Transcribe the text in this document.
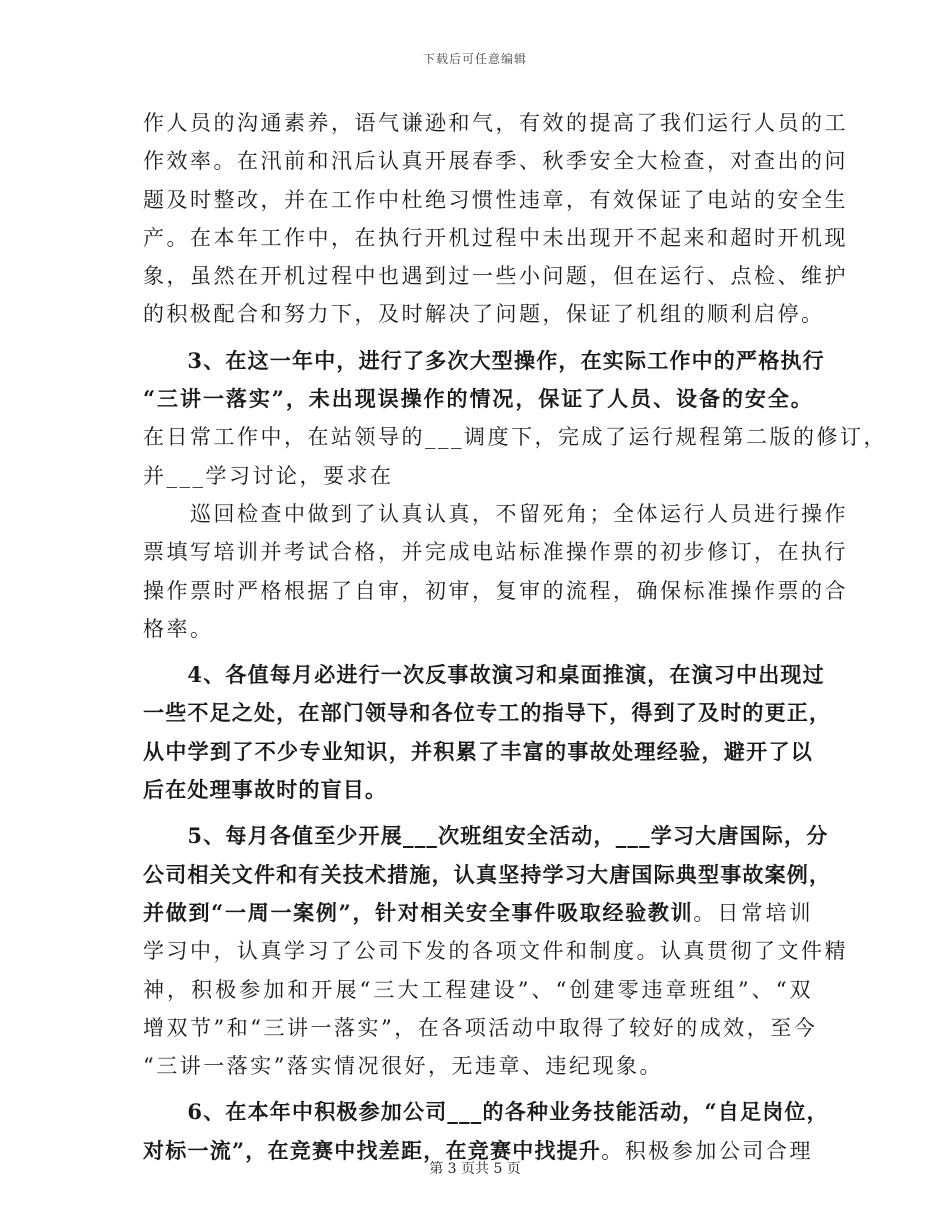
下载后可任意编辑
作人员的沟通素养，语气谦逊和气，有效的提高了我们运行人员的工
作效率。在汛前和汛后认真开展春季、秋季安全大检查，对查出的问
题及时整改，并在工作中杜绝习惯性违章，有效保证了电站的安全生
产。在本年工作中，在执行开机过程中未出现开不起来和超时开机现
象，虽然在开机过程中也遇到过一些小问题，但在运行、点检、维护
的积极配合和努力下，及时解决了问题，保证了机组的顺利启停。
　　3、在这一年中，进行了多次大型操作，在实际工作中的严格执行
“三讲一落实”，未出现误操作的情况，保证了人员、设备的安全。
在日常工作中，在站领导的___调度下，完成了运行规程第二版的修订，
并___学习讨论，要求在
　　巡回检查中做到了认真认真，不留死角；全体运行人员进行操作
票填写培训并考试合格，并完成电站标准操作票的初步修订，在执行
操作票时严格根据了自审，初审，复审的流程，确保标准操作票的合
格率。
　　4、各值每月必进行一次反事故演习和桌面推演，在演习中出现过
一些不足之处，在部门领导和各位专工的指导下，得到了及时的更正，
从中学到了不少专业知识，并积累了丰富的事故处理经验，避开了以
后在处理事故时的盲目。
　　5、每月各值至少开展___次班组安全活动，___学习大唐国际，分
公司相关文件和有关技术措施，认真坚持学习大唐国际典型事故案例，
并做到“一周一案例”，针对相关安全事件吸取经验教训。日常培训
学习中，认真学习了公司下发的各项文件和制度。认真贯彻了文件精
神，积极参加和开展“三大工程建设”、“创建零违章班组”、“双
增双节”和“三讲一落实”，在各项活动中取得了较好的成效，至今
“三讲一落实”落实情况很好，无违章、违纪现象。
　　6、在本年中积极参加公司___的各种业务技能活动，“自足岗位，
对标一流”，在竞赛中找差距，在竞赛中找提升。积极参加公司合理
第 3 页共 5 页
